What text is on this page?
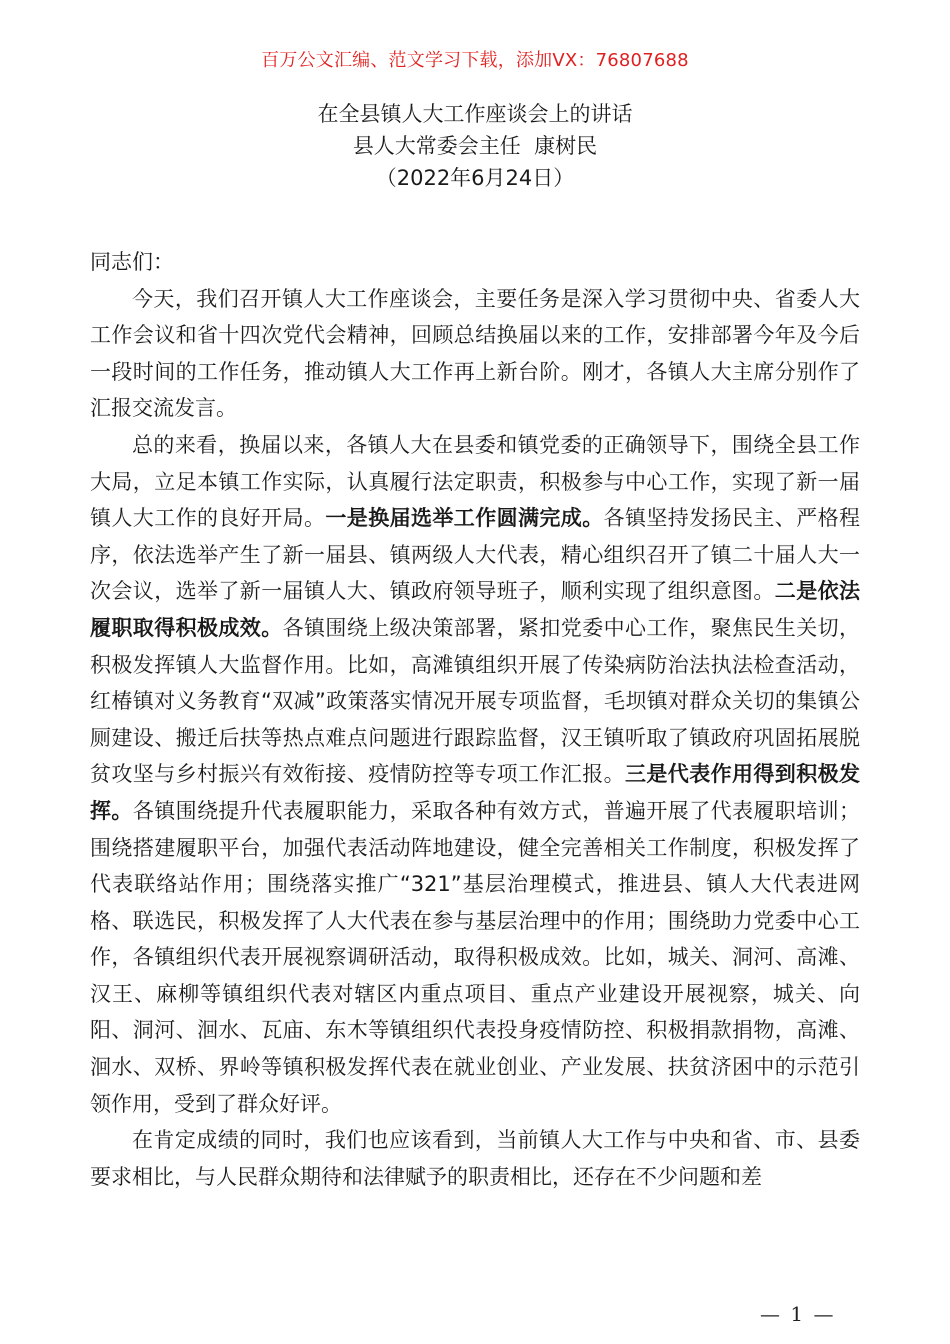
百万公文汇编、范文学习下载，添加VX：76807688
在全县镇人大工作座谈会上的讲话
县人大常委会主任  康树民
（2022年6月24日）

同志们：

今天，我们召开镇人大工作座谈会，主要任务是深入学习贯彻中央、省委人大工作会议和省十四次党代会精神，回顾总结换届以来的工作，安排部署今年及今后一段时间的工作任务，推动镇人大工作再上新台阶。刚才，各镇人大主席分别作了汇报交流发言。

总的来看，换届以来，各镇人大在县委和镇党委的正确领导下，围绕全县工作大局，立足本镇工作实际，认真履行法定职责，积极参与中心工作，实现了新一届镇人大工作的良好开局。一是换届选举工作圆满完成。各镇坚持发扬民主、严格程序，依法选举产生了新一届县、镇两级人大代表，精心组织召开了镇二十届人大一次会议，选举了新一届镇人大、镇政府领导班子，顺利实现了组织意图。二是依法履职取得积极成效。各镇围绕上级决策部署，紧扣党委中心工作，聚焦民生关切，积极发挥镇人大监督作用。比如，高滩镇组织开展了传染病防治法执法检查活动，红椿镇对义务教育“双减”政策落实情况开展专项监督，毛坝镇对群众关切的集镇公厕建设、搬迁后扶等热点难点问题进行跟踪监督，汉王镇听取了镇政府巩固拓展脱贫攻坚与乡村振兴有效衔接、疫情防控等专项工作汇报。三是代表作用得到积极发挥。各镇围绕提升代表履职能力，采取各种有效方式，普遍开展了代表履职培训；围绕搭建履职平台，加强代表活动阵地建设，健全完善相关工作制度，积极发挥了代表联络站作用；围绕落实推广“321”基层治理模式，推进县、镇人大代表进网格、联选民，积极发挥了人大代表在参与基层治理中的作用；围绕助力党委中心工作，各镇组织代表开展视察调研活动，取得积极成效。比如，城关、洞河、高滩、汉王、麻柳等镇组织代表对辖区内重点项目、重点产业建设开展视察，城关、向阳、洞河、洄水、瓦庙、东木等镇组织代表投身疫情防控、积极捐款捐物，高滩、洄水、双桥、界岭等镇积极发挥代表在就业创业、产业发展、扶贫济困中的示范引领作用，受到了群众好评。

在肯定成绩的同时，我们也应该看到，当前镇人大工作与中央和省、市、县委要求相比，与人民群众期待和法律赋予的职责相比，还存在不少问题和差

— 1 —
